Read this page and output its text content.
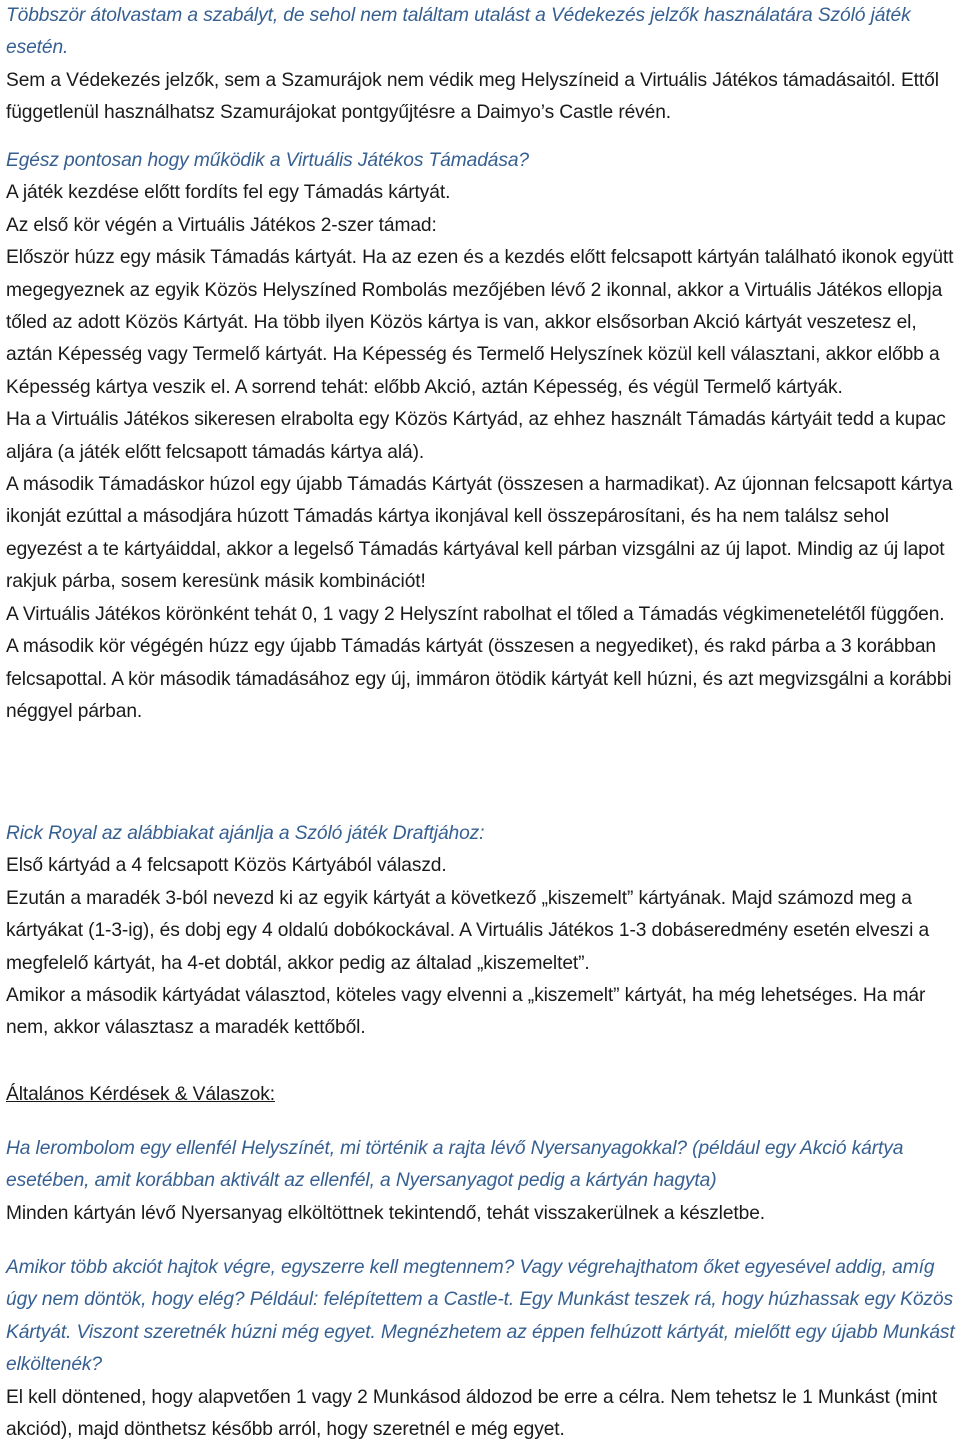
Többször átolvastam a szabályt, de sehol nem találtam utalást a Védekezés jelzők használatára Szóló játék esetén.

Sem a Védekezés jelzők, sem a Szamurájok nem védik meg Helyszíneid a Virtuális Játékos támadásaitól. Ettől függetlenül használhatsz Szamurájokat pontgyűjtésre a Daimyo’s Castle révén.

Egész pontosan hogy működik a Virtuális Játékos Támadása?

A játék kezdése előtt fordíts fel egy Támadás kártyát.

Az első kör végén a Virtuális Játékos 2-szer támad:

Először húzz egy másik Támadás kártyát. Ha az ezen és a kezdés előtt felcsapott kártyán található ikonok együtt megegyeznek az egyik Közös Helyszíned Rombolás mezőjében lévő 2 ikonnal, akkor a Virtuális Játékos ellopja tőled az adott Közös Kártyát. Ha több ilyen Közös kártya is van, akkor elsősorban Akció kártyát veszetesz el, aztán Képesség vagy Termelő kártyát. Ha Képesség és Termelő Helyszínek közül kell választani, akkor előbb a Képesség kártya veszik el. A sorrend tehát: előbb Akció, aztán Képesség, és végül Termelő kártyák.

Ha a Virtuális Játékos sikeresen elrabolta egy Közös Kártyád, az ehhez használt Támadás kártyáit tedd a kupac aljára (a játék előtt felcsapott támadás kártya alá).

A második Támadáskor húzol egy újabb Támadás Kártyát (összesen a harmadikat). Az újonnan felcsapott kártya ikonját ezúttal a másodjára húzott Támadás kártya ikonjával kell összepárosítani, és ha nem találsz sehol egyezést a te kártyáiddal, akkor a legelső Támadás kártyával kell párban vizsgálni az új lapot. Mindig az új lapot rakjuk párba, sosem keresünk másik kombinációt!

A Virtuális Játékos körönként tehát 0, 1 vagy 2 Helyszínt rabolhat el tőled a Támadás végkimenetelétől függően.

A második kör végégén húzz egy újabb Támadás kártyát (összesen a negyediket), és rakd párba a 3 korábban felcsapottal. A kör második támadásához egy új, immáron ötödik kártyát kell húzni, és azt megvizsgálni a korábbi néggyel párban.

Rick Royal az alábbiakat ajánlja a Szóló játék Draftjához:

Első kártyád a 4 felcsapott Közös Kártyából válaszd.

Ezután a maradék 3-ból nevezd ki az egyik kártyát a következő „kiszemelt” kártyának. Majd számozd meg a kártyákat (1-3-ig), és dobj egy 4 oldalú dobókockával. A Virtuális Játékos 1-3 dobáseredmény esetén elveszi a megfelelő kártyát, ha 4-et dobtál, akkor pedig az általad „kiszemeltet”.

Amikor a második kártyádat választod, köteles vagy elvenni a „kiszemelt” kártyát, ha még lehetséges. Ha már nem, akkor választasz a maradék kettőből.

Általános Kérdések & Válaszok:

Ha lerombolom egy ellenfél Helyszínét, mi történik a rajta lévő Nyersanyagokkal? (például egy Akció kártya esetében, amit korábban aktivált az ellenfél, a Nyersanyagot pedig a kártyán hagyta)

Minden kártyán lévő Nyersanyag elköltöttnek tekintendő, tehát visszakerülnek a készletbe.

Amikor több akciót hajtok végre, egyszerre kell megtennem? Vagy végrehajthatom őket egyesével addig, amíg úgy nem döntök, hogy elég? Például: felépítettem a Castle-t. Egy Munkást teszek rá, hogy húzhassak egy Közös Kártyát. Viszont szeretnék húzni még egyet. Megnézhetem az éppen felhúzott kártyát, mielőtt egy újabb Munkást elköltenék?

El kell döntened, hogy alapvetően 1 vagy 2 Munkásod áldozod be erre a célra. Nem tehetsz le 1 Munkást (mint akciód), majd dönthetsz később arról, hogy szeretnél e még egyet.
